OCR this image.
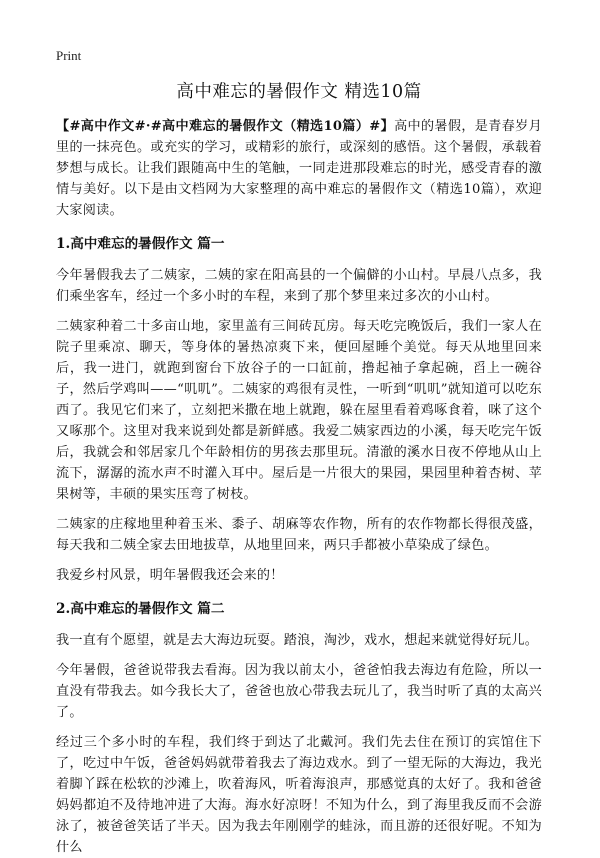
Print
高中难忘的暑假作文 精选10篇

【#高中作文#·#高中难忘的暑假作文（精选10篇）#】高中的暑假，是青春岁月里的一抹亮色。或充实的学习，或精彩的旅行，或深刻的感悟。这个暑假，承载着梦想与成长。让我们跟随高中生的笔触，一同走进那段难忘的时光，感受青春的激情与美好。以下是由文档网为大家整理的高中难忘的暑假作文（精选10篇），欢迎大家阅读。

1.高中难忘的暑假作文 篇一

今年暑假我去了二姨家，二姨的家在阳高县的一个偏僻的小山村。早晨八点多，我们乘坐客车，经过一个多小时的车程，来到了那个梦里来过多次的小山村。

二姨家种着二十多亩山地，家里盖有三间砖瓦房。每天吃完晚饭后，我们一家人在院子里乘凉、聊天，等身体的暑热凉爽下来，便回屋睡个美觉。每天从地里回来后，我一进门，就跑到窗台下放谷子的一口缸前，撸起袖子拿起碗，舀上一碗谷子，然后学鸡叫——“叽叽”。二姨家的鸡很有灵性，一听到“叽叽”就知道可以吃东西了。我见它们来了，立刻把米撒在地上就跑，躲在屋里看着鸡啄食着，咪了这个又啄那个。这里对我来说到处都是新鲜感。我爱二姨家西边的小溪，每天吃完午饭后，我就会和邻居家几个年龄相仿的男孩去那里玩。清澈的溪水日夜不停地从山上流下，潺潺的流水声不时灌入耳中。屋后是一片很大的果园，果园里种着杏树、苹果树等，丰硕的果实压弯了树枝。

二姨家的庄稼地里种着玉米、黍子、胡麻等农作物，所有的农作物都长得很茂盛，每天我和二姨全家去田地拔草，从地里回来，两只手都被小草染成了绿色。

我爱乡村风景，明年暑假我还会来的！

2.高中难忘的暑假作文 篇二

我一直有个愿望，就是去大海边玩耍。踏浪，淘沙，戏水，想起来就觉得好玩儿。

今年暑假，爸爸说带我去看海。因为我以前太小，爸爸怕我去海边有危险，所以一直没有带我去。如今我长大了，爸爸也放心带我去玩儿了，我当时听了真的太高兴了。

经过三个多小时的车程，我们终于到达了北戴河。我们先去住在预订的宾馆住下了，吃过中午饭，爸爸妈妈就带着我去了海边戏水。到了一望无际的大海边，我光着脚丫踩在松软的沙滩上，吹着海风，听着海浪声，那感觉真的太好了。我和爸爸妈妈都迫不及待地冲进了大海。海水好凉呀！不知为什么，到了海里我反而不会游泳了，被爸爸笑话了半天。因为我去年刚刚学的蛙泳，而且游的还很好呢。不知为什么
